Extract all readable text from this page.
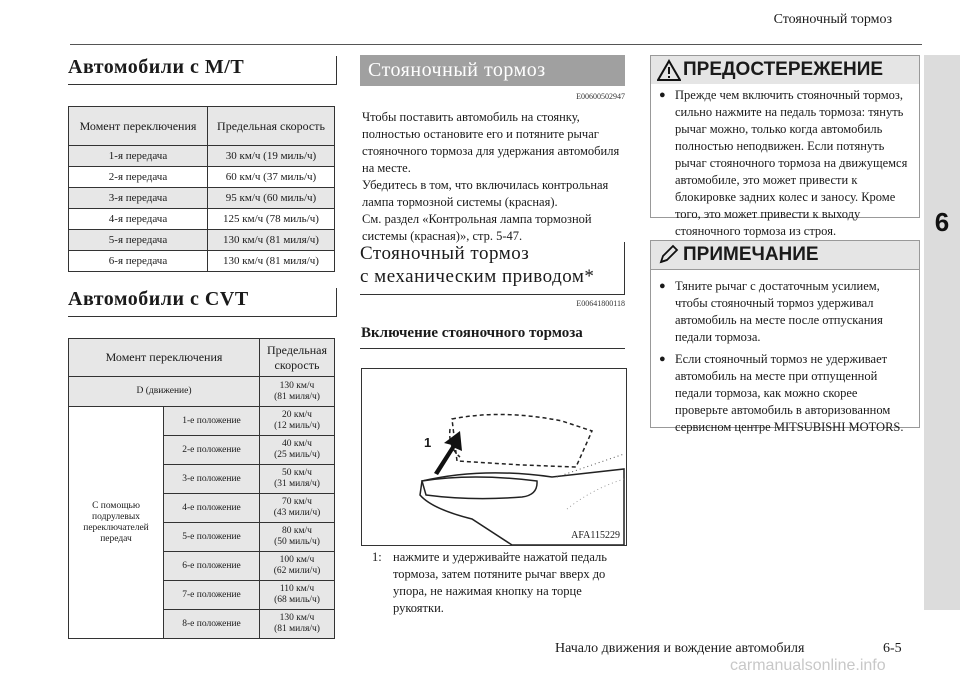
Стояночный тормоз
6
Автомобили с M/T
Момент переключения	Предельная скорость
1-я передача	30 км/ч (19 миль/ч)
2-я передача	60 км/ч (37 миль/ч)
3-я передача	95 км/ч (60 миль/ч)
4-я передача	125 км/ч (78 миль/ч)
5-я передача	130 км/ч (81 миля/ч)
6-я передача	130 км/ч (81 миля/ч)
Автомобили с CVT
Момент переключения		Предельная скорость
D (движение)		130 км/ч
(81 миля/ч)
С помощью подрулевых переключателей передач	1-е положение	20 км/ч
(12 миль/ч)
	2-е положение	40 км/ч
(25 миль/ч)
	3-е положение	50 км/ч
(31 миля/ч)
	4-е положение	70 км/ч
(43 мили/ч)
	5-е положение	80 км/ч
(50 миль/ч)
	6-е положение	100 км/ч
(62 мили/ч)
	7-е положение	110 км/ч
(68 миль/ч)
	8-е положение	130 км/ч
(81 миля/ч)
Стояночный тормоз
E00600502947
Чтобы поставить автомобиль на стоянку, полностью остановите его и потяните рычаг стояночного тормоза для удержания автомобиля на месте.
Убедитесь в том, что включилась контрольная лампа тормозной системы (красная).
См. раздел «Контрольная лампа тормозной системы (красная)», стр. 5-47.
Стояночный тормоз
с механическим приводом*
E00641800118
Включение стояночного тормоза
1
AFA115229
1: нажмите и удерживайте нажатой педаль тормоза, затем потяните рычаг вверх до упора, не нажимая кнопку на торце рукоятки.
ПРЕДОСТЕРЕЖЕНИЕ
● Прежде чем включить стояночный тормоз, сильно нажмите на педаль тормоза: тянуть рычаг можно, только когда автомобиль полностью неподвижен. Если потянуть рычаг стояночного тормоза на движущемся автомобиле, это может привести к блокировке задних колес и заносу. Кроме того, это может привести к выходу стояночного тормоза из строя.
ПРИМЕЧАНИЕ
● Тяните рычаг с достаточным усилием, чтобы стояночный тормоз удерживал автомобиль на месте после отпускания педали тормоза.
● Если стояночный тормоз не удерживает автомобиль на месте при отпущенной педали тормоза, как можно скорее проверьте автомобиль в авторизованном сервисном центре MITSUBISHI MOTORS.
Начало движения и вождение автомобиля	6-5
carmanualsonline.info
